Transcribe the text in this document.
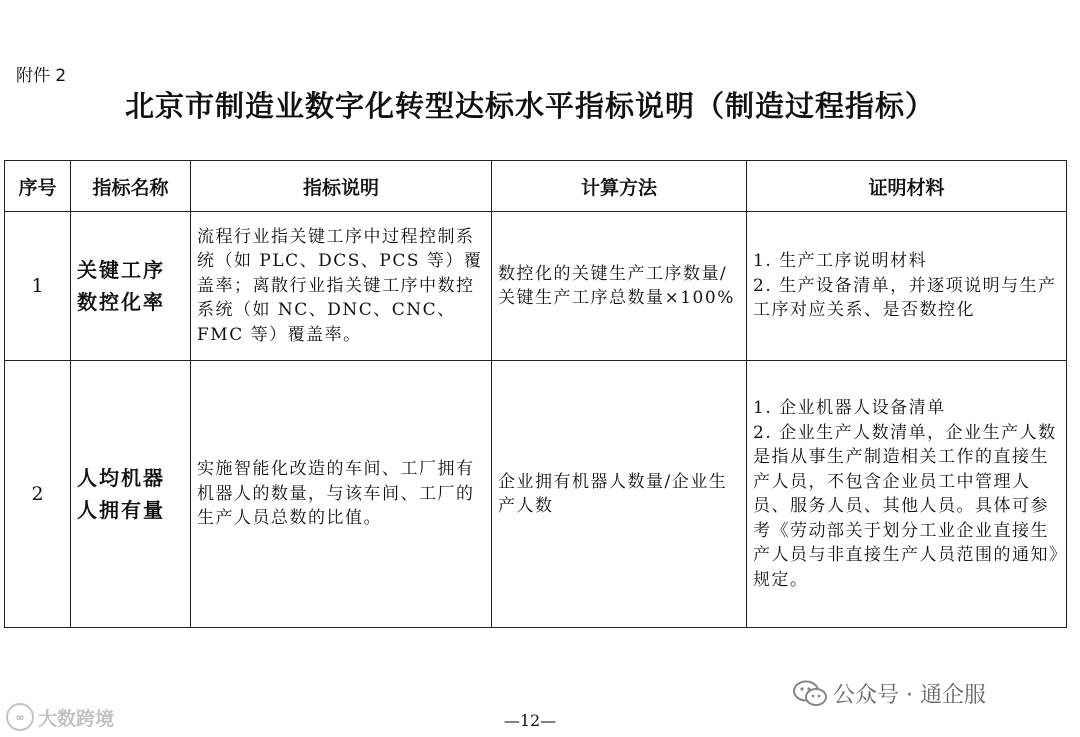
附件 2
北京市制造业数字化转型达标水平指标说明（制造过程指标）
序号	指标名称	指标说明	计算方法	证明材料
1	关键工序数控化率	流程行业指关键工序中过程控制系统（如 PLC、DCS、PCS 等）覆盖率；离散行业指关键工序中数控系统（如 NC、DNC、CNC、FMC 等）覆盖率。	数控化的关键生产工序数量/关键生产工序总数量×100%	1. 生产工序说明材料
2. 生产设备清单，并逐项说明与生产工序对应关系、是否数控化
2	人均机器人拥有量	实施智能化改造的车间、工厂拥有机器人的数量，与该车间、工厂的生产人员总数的比值。	企业拥有机器人数量/企业生产人数	1. 企业机器人设备清单
2. 企业生产人数清单，企业生产人数是指从事生产制造相关工作的直接生产人员，不包含企业员工中管理人员、服务人员、其他人员。具体可参考《劳动部关于划分工业企业直接生产人员与非直接生产人员范围的通知》规定。
∞ 大数跨境	—12—
公众号 · 通企服
